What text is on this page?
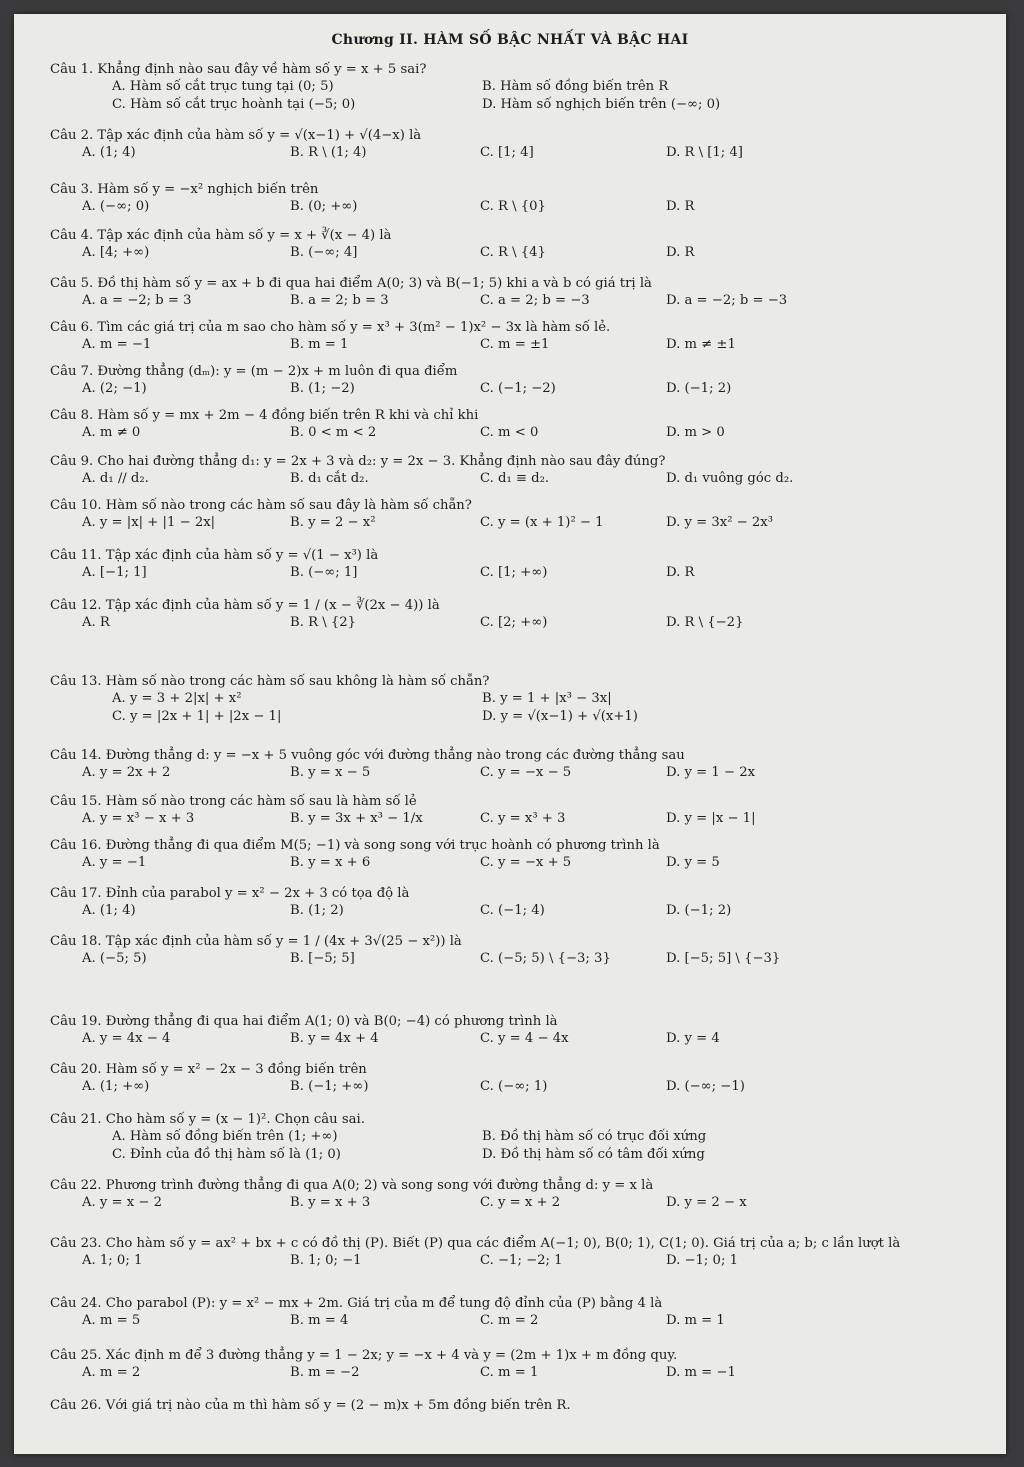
Chương II. HÀM SỐ BẬC NHẤT VÀ BẬC HAI
Câu 1. Khẳng định nào sau đây về hàm số y = x + 5 sai?
A. Hàm số cắt trục tung tại (0; 5)	B. Hàm số đồng biến trên R
C. Hàm số cắt trục hoành tại (−5; 0)	D. Hàm số nghịch biến trên (−∞; 0)
Câu 2. Tập xác định của hàm số y = √(x−1) + √(4−x) là
A. (1; 4)	B. R \ (1; 4)	C. [1; 4]	D. R \ [1; 4]
Câu 3. Hàm số y = −x² nghịch biến trên
A. (−∞; 0)	B. (0; +∞)	C. R \ {0}	D. R
Câu 4. Tập xác định của hàm số y = x + ∛(x − 4) là
A. [4; +∞)	B. (−∞; 4]	C. R \ {4}	D. R
Câu 5. Đồ thị hàm số y = ax + b đi qua hai điểm A(0; 3) và B(−1; 5) khi a và b có giá trị là
A. a = −2; b = 3	B. a = 2; b = 3	C. a = 2; b = −3	D. a = −2; b = −3
Câu 6. Tìm các giá trị của m sao cho hàm số y = x³ + 3(m² − 1)x² − 3x là hàm số lẻ.
A. m = −1	B. m = 1	C. m = ±1	D. m ≠ ±1
Câu 7. Đường thẳng (dₘ): y = (m − 2)x + m luôn đi qua điểm
A. (2; −1)	B. (1; −2)	C. (−1; −2)	D. (−1; 2)
Câu 8. Hàm số y = mx + 2m − 4 đồng biến trên R khi và chỉ khi
A. m ≠ 0	B. 0 < m < 2	C. m < 0	D. m > 0
Câu 9. Cho hai đường thẳng d₁: y = 2x + 3 và d₂: y = 2x − 3. Khẳng định nào sau đây đúng?
A. d₁ // d₂.	B. d₁ cắt d₂.	C. d₁ ≡ d₂.	D. d₁ vuông góc d₂.
Câu 10. Hàm số nào trong các hàm số sau đây là hàm số chẵn?
A. y = |x| + |1 − 2x|	B. y = 2 − x²	C. y = (x + 1)² − 1	D. y = 3x² − 2x³
Câu 11. Tập xác định của hàm số y = √(1 − x³) là
A. [−1; 1]	B. (−∞; 1]	C. [1; +∞)	D. R
Câu 12. Tập xác định của hàm số y = 1 / (x − ∛(2x − 4)) là
A. R	B. R \ {2}	C. [2; +∞)	D. R \ {−2}
Câu 13. Hàm số nào trong các hàm số sau không là hàm số chẵn?
A. y = 3 + 2|x| + x²	B. y = 1 + |x³ − 3x|
C. y = |2x + 1| + |2x − 1|	D. y = √(x−1) + √(x+1)
Câu 14. Đường thẳng d: y = −x + 5 vuông góc với đường thẳng nào trong các đường thẳng sau
A. y = 2x + 2	B. y = x − 5	C. y = −x − 5	D. y = 1 − 2x
Câu 15. Hàm số nào trong các hàm số sau là hàm số lẻ
A. y = x³ − x + 3	B. y = 3x + x³ − 1/x	C. y = x³ + 3	D. y = |x − 1|
Câu 16. Đường thẳng đi qua điểm M(5; −1) và song song với trục hoành có phương trình là
A. y = −1	B. y = x + 6	C. y = −x + 5	D. y = 5
Câu 17. Đỉnh của parabol y = x² − 2x + 3 có tọa độ là
A. (1; 4)	B. (1; 2)	C. (−1; 4)	D. (−1; 2)
Câu 18. Tập xác định của hàm số y = 1 / (4x + 3√(25 − x²)) là
A. (−5; 5)	B. [−5; 5]	C. (−5; 5) \ {−3; 3}	D. [−5; 5] \ {−3}
Câu 19. Đường thẳng đi qua hai điểm A(1; 0) và B(0; −4) có phương trình là
A. y = 4x − 4	B. y = 4x + 4	C. y = 4 − 4x	D. y = 4
Câu 20. Hàm số y = x² − 2x − 3 đồng biến trên
A. (1; +∞)	B. (−1; +∞)	C. (−∞; 1)	D. (−∞; −1)
Câu 21. Cho hàm số y = (x − 1)². Chọn câu sai.
A. Hàm số đồng biến trên (1; +∞)	B. Đồ thị hàm số có trục đối xứng
C. Đỉnh của đồ thị hàm số là (1; 0)	D. Đồ thị hàm số có tâm đối xứng
Câu 22. Phương trình đường thẳng đi qua A(0; 2) và song song với đường thẳng d: y = x là
A. y = x − 2	B. y = x + 3	C. y = x + 2	D. y = 2 − x
Câu 23. Cho hàm số y = ax² + bx + c có đồ thị (P). Biết (P) qua các điểm A(−1; 0), B(0; 1), C(1; 0). Giá trị của a; b; c lần lượt là
A. 1; 0; 1	B. 1; 0; −1	C. −1; −2; 1	D. −1; 0; 1
Câu 24. Cho parabol (P): y = x² − mx + 2m. Giá trị của m để tung độ đỉnh của (P) bằng 4 là
A. m = 5	B. m = 4	C. m = 2	D. m = 1
Câu 25. Xác định m để 3 đường thẳng y = 1 − 2x; y = −x + 4 và y = (2m + 1)x + m đồng quy.
A. m = 2	B. m = −2	C. m = 1	D. m = −1
Câu 26. Với giá trị nào của m thì hàm số y = (2 − m)x + 5m đồng biến trên R.
